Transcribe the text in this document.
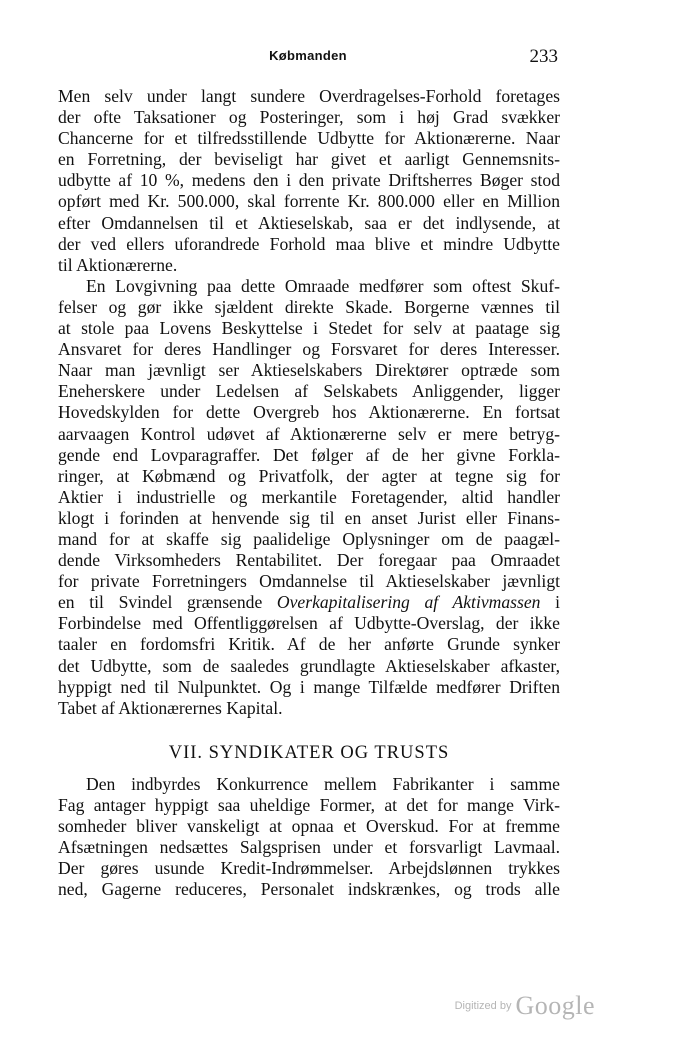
Købmanden	233
Men selv under langt sundere Overdragelses-Forhold foretages
der ofte Taksationer og Posteringer, som i høj Grad svækker
Chancerne for et tilfredsstillende Udbytte for Aktionærerne. Naar
en Forretning, der beviseligt har givet et aarligt Gennemsnits-
udbytte af 10 %, medens den i den private Driftsherres Bøger stod
opført med Kr. 500.000, skal forrente Kr. 800.000 eller en Million
efter Omdannelsen til et Aktieselskab, saa er det indlysende, at
der ved ellers uforandrede Forhold maa blive et mindre Udbytte
til Aktionærerne.
En Lovgivning paa dette Omraade medfører som oftest Skuf-
felser og gør ikke sjældent direkte Skade. Borgerne vænnes til
at stole paa Lovens Beskyttelse i Stedet for selv at paatage sig
Ansvaret for deres Handlinger og Forsvaret for deres Interesser.
Naar man jævnligt ser Aktieselskabers Direktører optræde som
Eneherskere under Ledelsen af Selskabets Anliggender, ligger
Hovedskylden for dette Overgreb hos Aktionærerne. En fortsat
aarvaagen Kontrol udøvet af Aktionærerne selv er mere betryg-
gende end Lovparagraffer. Det følger af de her givne Forkla-
ringer, at Købmænd og Privatfolk, der agter at tegne sig for
Aktier i industrielle og merkantile Foretagender, altid handler
klogt i forinden at henvende sig til en anset Jurist eller Finans-
mand for at skaffe sig paalidelige Oplysninger om de paagæl-
dende Virksomheders Rentabilitet. Der foregaar paa Omraadet
for private Forretningers Omdannelse til Aktieselskaber jævnligt
en til Svindel grænsende Overkapitalisering af Aktivmassen i
Forbindelse med Offentliggørelsen af Udbytte-Overslag, der ikke
taaler en fordomsfri Kritik. Af de her anførte Grunde synker
det Udbytte, som de saaledes grundlagte Aktieselskaber afkaster,
hyppigt ned til Nulpunktet. Og i mange Tilfælde medfører Driften
Tabet af Aktionærernes Kapital.
VII. SYNDIKATER OG TRUSTS
Den indbyrdes Konkurrence mellem Fabrikanter i samme
Fag antager hyppigt saa uheldige Former, at det for mange Virk-
somheder bliver vanskeligt at opnaa et Overskud. For at fremme
Afsætningen nedsættes Salgsprisen under et forsvarligt Lavmaal.
Der gøres usunde Kredit-Indrømmelser. Arbejdslønnen trykkes
ned, Gagerne reduceres, Personalet indskrænkes, og trods alle
Digitized by Google
